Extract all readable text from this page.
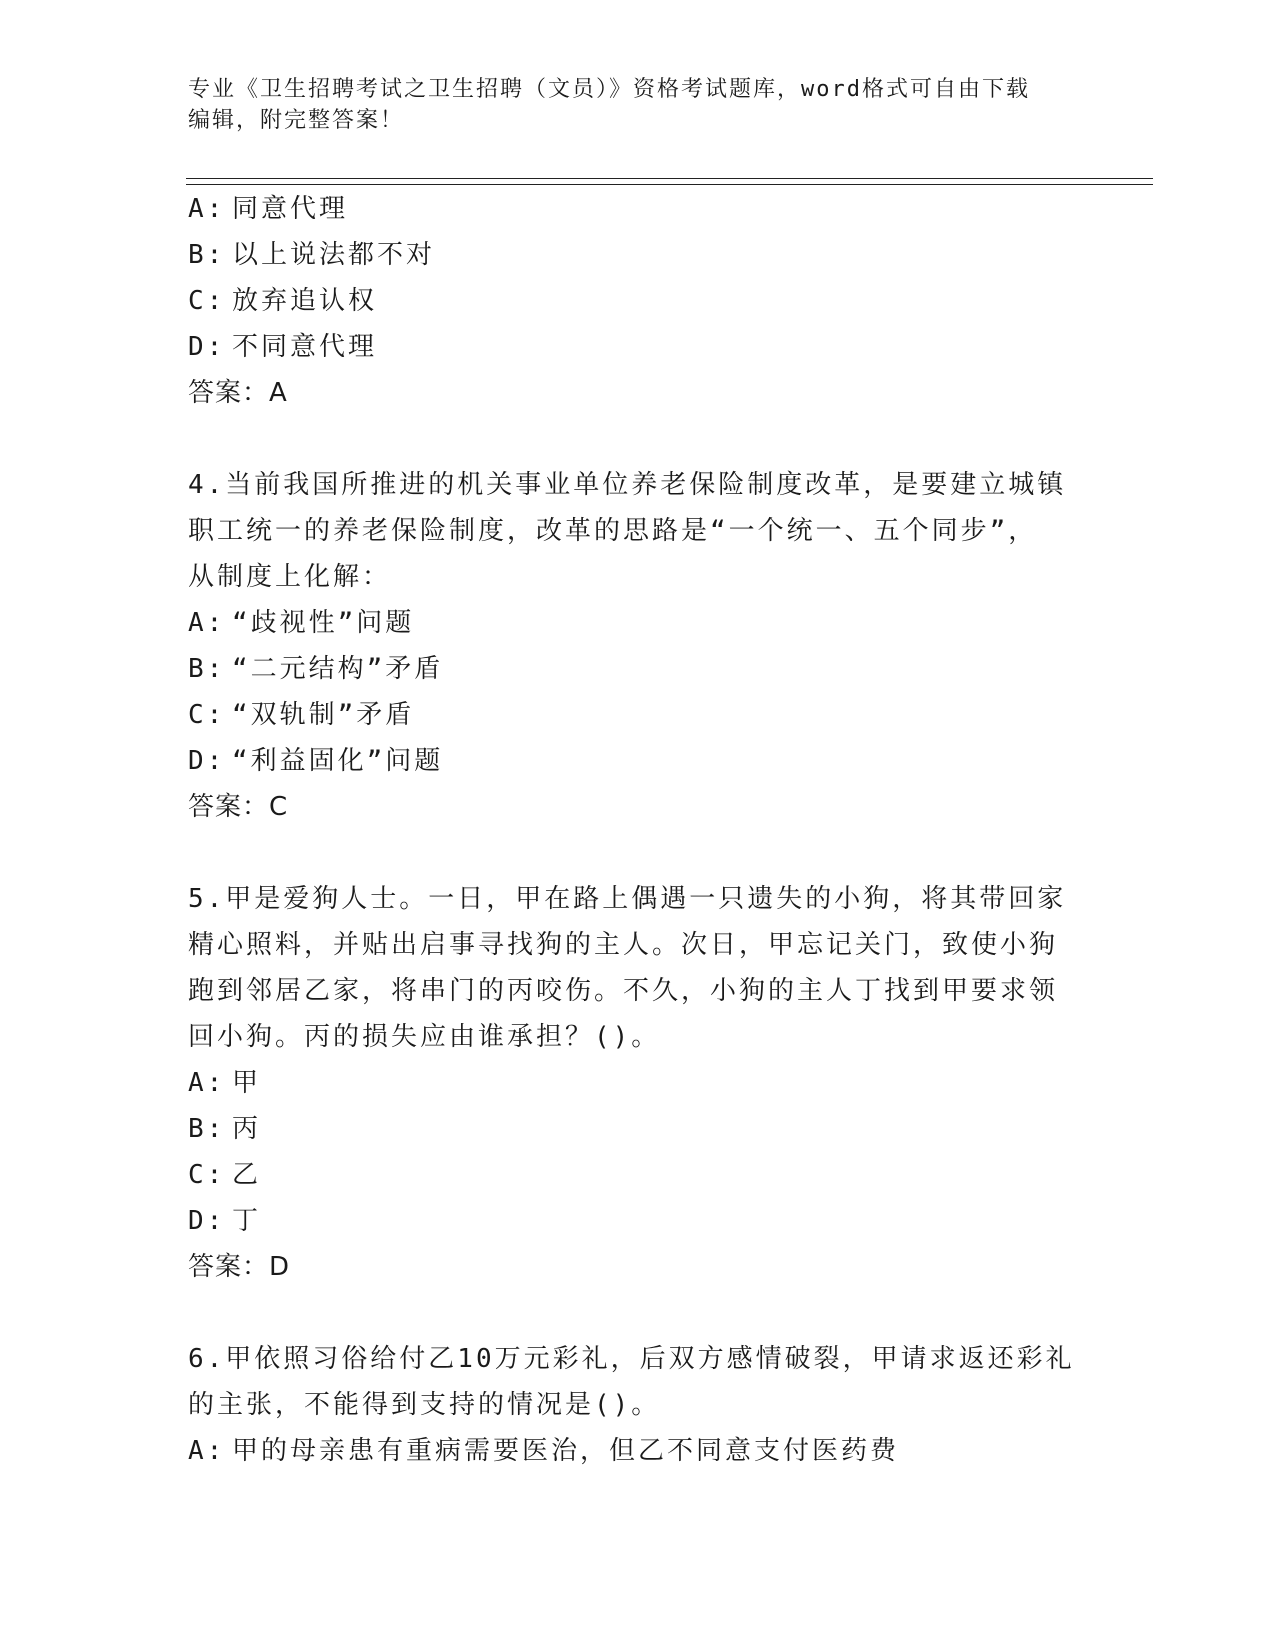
专业《卫生招聘考试之卫生招聘（文员）》资格考试题库，word格式可自由下载
编辑，附完整答案！
A: 同意代理
B: 以上说法都不对
C: 放弃追认权
D: 不同意代理
答案：A
4.当前我国所推进的机关事业单位养老保险制度改革，是要建立城镇
职工统一的养老保险制度，改革的思路是“一个统一、五个同步”，
从制度上化解：
A: “歧视性”问题
B: “二元结构”矛盾
C: “双轨制”矛盾
D: “利益固化”问题
答案：C
5.甲是爱狗人士。一日，甲在路上偶遇一只遗失的小狗，将其带回家
精心照料，并贴出启事寻找狗的主人。次日，甲忘记关门，致使小狗
跑到邻居乙家，将串门的丙咬伤。不久，小狗的主人丁找到甲要求领
回小狗。丙的损失应由谁承担？()。
A: 甲
B: 丙
C: 乙
D: 丁
答案：D
6.甲依照习俗给付乙10万元彩礼，后双方感情破裂，甲请求返还彩礼
的主张，不能得到支持的情况是()。
A: 甲的母亲患有重病需要医治，但乙不同意支付医药费
